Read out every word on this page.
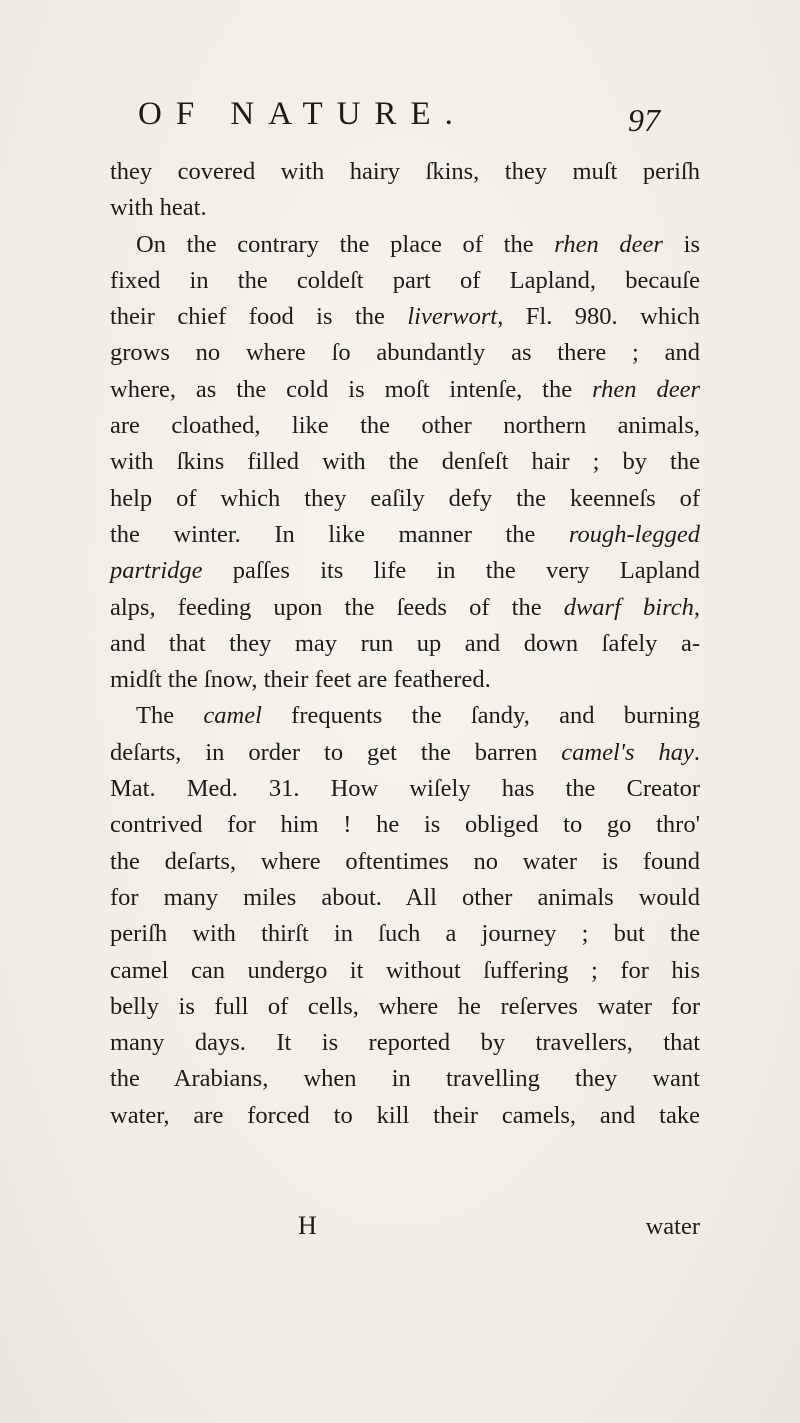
OF NATURE.	97
they covered with hairy ſkins, they muſt periſh
with heat.
On the contrary the place of the rhen deer is
fixed in the coldeſt part of Lapland, becauſe
their chief food is the liverwort, Fl. 980. which
grows no where ſo abundantly as there ; and
where, as the cold is moſt intenſe, the rhen deer
are cloathed, like the other northern animals,
with ſkins filled with the denſeſt hair ; by the
help of which they eaſily defy the keenneſs of
the winter. In like manner the rough-legged
partridge paſſes its life in the very Lapland
alps, feeding upon the ſeeds of the dwarf birch,
and that they may run up and down ſafely a-
midſt the ſnow, their feet are feathered.
The camel frequents the ſandy, and burning
deſarts, in order to get the barren camel's hay.
Mat. Med. 31. How wiſely has the Creator
contrived for him ! he is obliged to go thro'
the deſarts, where oftentimes no water is found
for many miles about. All other animals would
periſh with thirſt in ſuch a journey ; but the
camel can undergo it without ſuffering ; for his
belly is full of cells, where he reſerves water for
many days. It is reported by travellers, that
the Arabians, when in travelling they want
water, are forced to kill their camels, and take
H	water
